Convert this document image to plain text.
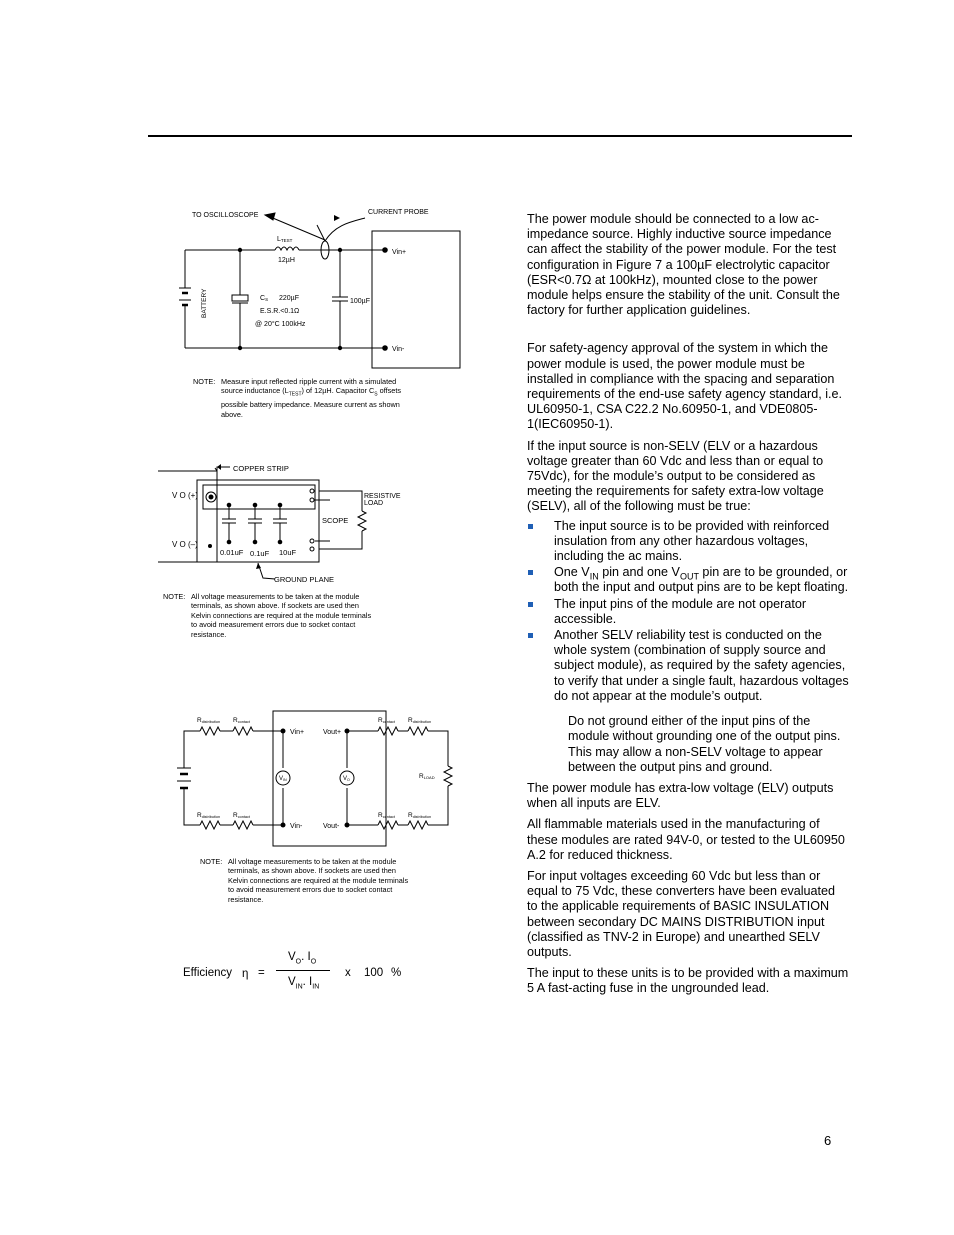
TO OSCILLOSCOPE	CURRENT PROBE
LTEST
12µH
BATTERY	CS 220µF
E.S.R.<0.1Ω
@ 20°C 100kHz
100µF
Vin+
Vin-
NOTE: Measure input reflected ripple current with a simulated
source inductance $(L_{TEST})$ of 12µH. Capacitor $C_S$ offsets
possible battery impedance. Measure current as shown
above.
COPPER STRIP
V O (+)
V O (–)
RESISTIVE
LOAD
SCOPE
0.01uF 0.1uF 10uF
GROUND PLANE
NOTE: All voltage measurements to be taken at the module
terminals, as shown above. If sockets are used then
Kelvin connections are required at the module terminals
to avoid measurement errors due to socket contact
resistance.
Rdistribution Rcontact
Rdistribution Rcontact
Rcontact Rdistribution
Rcontact Rdistribution
RLOAD
Vin+
Vin-
Vout+
Vout-
VIN	VO
NOTE: All voltage measurements to be taken at the module
terminals, as shown above. If sockets are used then
Kelvin connections are required at the module terminals
to avoid measurement errors due to socket contact
resistance.
Efficiency η =
$V_O$. $I_O$
$V_{IN}$. $I_{IN}$
x 100 %

The power module should be connected to a low ac-impedance source. Highly inductive source impedance can affect the stability of the power module. For the test configuration in Figure 7 a 100µF electrolytic capacitor (ESR<0.7Ω at 100kHz), mounted close to the power module helps ensure the stability of the unit. Consult the factory for further application guidelines.

For safety-agency approval of the system in which the power module is used, the power module must be installed in compliance with the spacing and separation requirements of the end-use safety agency standard, i.e. UL60950-1, CSA C22.2 No.60950-1, and VDE0805-1(IEC60950-1).

If the input source is non-SELV (ELV or a hazardous voltage greater than 60 Vdc and less than or equal to 75Vdc), for the module’s output to be considered as meeting the requirements for safety extra-low voltage (SELV), all of the following must be true:

The input source is to be provided with reinforced insulation from any other hazardous voltages, including the ac mains.
One $V_{IN}$ pin and one $V_{OUT}$ pin are to be grounded, or both the input and output pins are to be kept floating.
The input pins of the module are not operator accessible.
Another SELV reliability test is conducted on the whole system (combination of supply source and subject module), as required by the safety agencies, to verify that under a single fault, hazardous voltages do not appear at the module’s output.

Do not ground either of the input pins of the module without grounding one of the output pins. This may allow a non-SELV voltage to appear between the output pins and ground.

The power module has extra-low voltage (ELV) outputs when all inputs are ELV.

All flammable materials used in the manufacturing of these modules are rated 94V-0, or tested to the UL60950 A.2 for reduced thickness.

For input voltages exceeding 60 Vdc but less than or equal to 75 Vdc, these converters have been evaluated to the applicable requirements of BASIC INSULATION between secondary DC MAINS DISTRIBUTION input (classified as TNV-2 in Europe) and unearthed SELV outputs.

The input to these units is to be provided with a maximum 5 A fast-acting fuse in the ungrounded lead.

6
